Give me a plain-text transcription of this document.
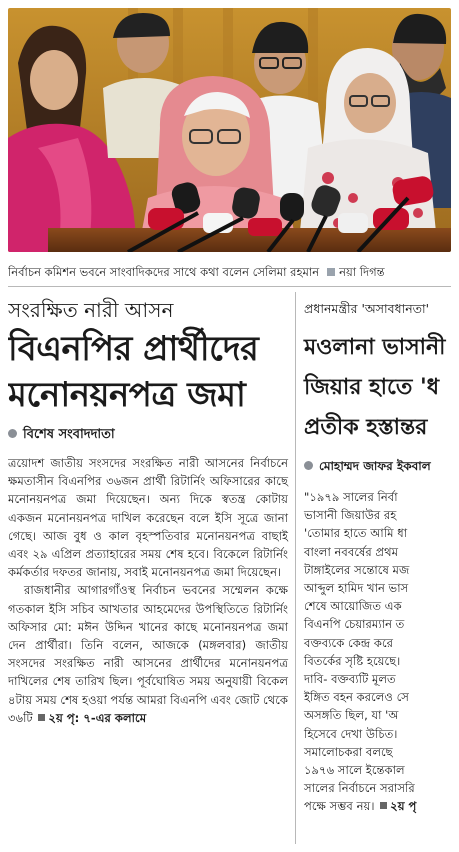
নির্বাচন কমিশন ভবনে সাংবাদিকদের সাথে কথা বলেন সেলিমা রহমান নয়া দিগন্ত
সংরক্ষিত নারী আসন
বিএনপির প্রার্থীদের
মনোনয়নপত্র জমা
বিশেষ সংবাদদাতা

ত্রয়োদশ জাতীয় সংসদের সংরক্ষিত নারী আসনের নির্বাচনে ক্ষমতাসীন বিএনপির ৩৬জন প্রার্থী রিটার্নিং অফিসারের কাছে মনোনয়নপত্র জমা দিয়েছেন। অন্য দিকে স্বতন্ত্র কোটায় একজন মনোনয়নপত্র দাখিল করেছেন বলে ইসি সূত্রে জানা গেছে। আজ বুধ ও কাল বৃহস্পতিবার মনোনয়নপত্র বাছাই এবং ২৯ এপ্রিল প্রত্যাহারের সময় শেষ হবে। বিকেলে রিটার্নিং কর্মকর্তার দফতর জানায়, সবাই মনোনয়নপত্র জমা দিয়েছেন।

রাজধানীর আগারগাঁওস্থ নির্বাচন ভবনের সম্মেলন কক্ষে গতকাল ইসি সচিব আখতার আহমেদের উপস্থিতিতে রিটার্নিং অফিসার মো: মঈন উদ্দিন খানের কাছে মনোনয়নপত্র জমা দেন প্রার্থীরা। তিনি বলেন, আজকে (মঙ্গলবার) জাতীয় সংসদের সংরক্ষিত নারী আসনের প্রার্থীদের মনোনয়নপত্র দাখিলের শেষ তারিখ ছিল। পূর্বঘোষিত সময় অনুযায়ী বিকেল ৪টায় সময় শেষ হওয়া পর্যন্ত আমরা বিএনপি এবং জোট থেকে ৩৬টি ২য় পৃ: ৭-এর কলামে

প্রধানমন্ত্রীর 'অসাবধানতা'
মওলানা ভাসানী
জিয়ার হাতে 'ধ
প্রতীক হস্তান্তর
মোহাম্মদ জাফর ইকবাল
"১৯৭৯ সালের নির্বা
ভাসানী জিয়াউর রহ
'তোমার হাতে আমি ধা
বাংলা নববর্ষের প্রথম
টাঙ্গাইলের সন্তোষে মজ
আব্দুল হামিদ খান ভাস
শেষে আয়োজিত এক
বিএনপি চেয়ারম্যান ত
বক্তব্যকে কেন্দ্র করে
বিতর্কের সৃষ্টি হয়েছে।
দাবি- বক্তব্যটি মূলত
ইঙ্গিত বহন করলেও সে
অসঙ্গতি ছিল, যা 'অ
হিসেবে দেখা উচিত।
সমালোচকরা বলছে
১৯৭৬ সালে ইন্তেকাল
সালের নির্বাচনে সরাসরি
পক্ষে সম্ভব নয়। ২য় পৃ
